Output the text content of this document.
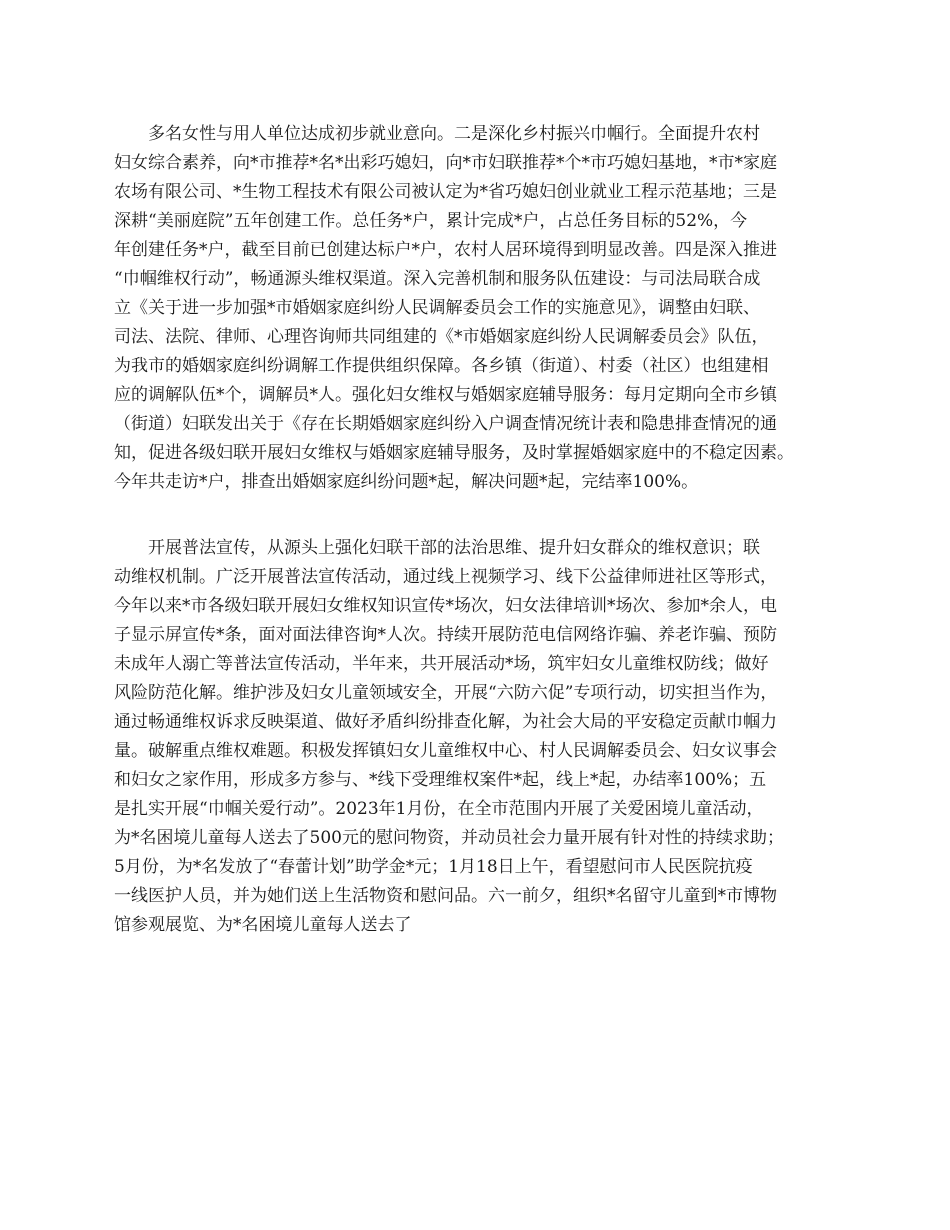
多名女性与用人单位达成初步就业意向。二是深化乡村振兴巾帼行。全面提升农村
妇女综合素养，向*市推荐*名*出彩巧媳妇，向*市妇联推荐*个*市巧媳妇基地，*市*家庭
农场有限公司、*生物工程技术有限公司被认定为*省巧媳妇创业就业工程示范基地；三是
深耕“美丽庭院”五年创建工作。总任务*户，累计完成*户，占总任务目标的52%，今
年创建任务*户，截至目前已创建达标户*户，农村人居环境得到明显改善。四是深入推进
“巾帼维权行动”，畅通源头维权渠道。深入完善机制和服务队伍建设：与司法局联合成
立《关于进一步加强*市婚姻家庭纠纷人民调解委员会工作的实施意见》，调整由妇联、
司法、法院、律师、心理咨询师共同组建的《*市婚姻家庭纠纷人民调解委员会》队伍，
为我市的婚姻家庭纠纷调解工作提供组织保障。各乡镇（街道）、村委（社区）也组建相
应的调解队伍*个，调解员*人。强化妇女维权与婚姻家庭辅导服务：每月定期向全市乡镇
（街道）妇联发出关于《存在长期婚姻家庭纠纷入户调查情况统计表和隐患排查情况的通
知，促进各级妇联开展妇女维权与婚姻家庭辅导服务，及时掌握婚姻家庭中的不稳定因素。
今年共走访*户，排查出婚姻家庭纠纷问题*起，解决问题*起，完结率100%。
开展普法宣传，从源头上强化妇联干部的法治思维、提升妇女群众的维权意识；联
动维权机制。广泛开展普法宣传活动，通过线上视频学习、线下公益律师进社区等形式，
今年以来*市各级妇联开展妇女维权知识宣传*场次，妇女法律培训*场次、参加*余人，电
子显示屏宣传*条，面对面法律咨询*人次。持续开展防范电信网络诈骗、养老诈骗、预防
未成年人溺亡等普法宣传活动，半年来，共开展活动*场，筑牢妇女儿童维权防线；做好
风险防范化解。维护涉及妇女儿童领域安全，开展“六防六促”专项行动，切实担当作为，
通过畅通维权诉求反映渠道、做好矛盾纠纷排查化解，为社会大局的平安稳定贡献巾帼力
量。破解重点维权难题。积极发挥镇妇女儿童维权中心、村人民调解委员会、妇女议事会
和妇女之家作用，形成多方参与、*线下受理维权案件*起，线上*起，办结率100%；五
是扎实开展“巾帼关爱行动”。2023年1月份，在全市范围内开展了关爱困境儿童活动，
为*名困境儿童每人送去了500元的慰问物资，并动员社会力量开展有针对性的持续求助；
5月份，为*名发放了“春蕾计划”助学金*元；1月18日上午，看望慰问市人民医院抗疫
一线医护人员，并为她们送上生活物资和慰问品。六一前夕，组织*名留守儿童到*市博物
馆参观展览、为*名困境儿童每人送去了
